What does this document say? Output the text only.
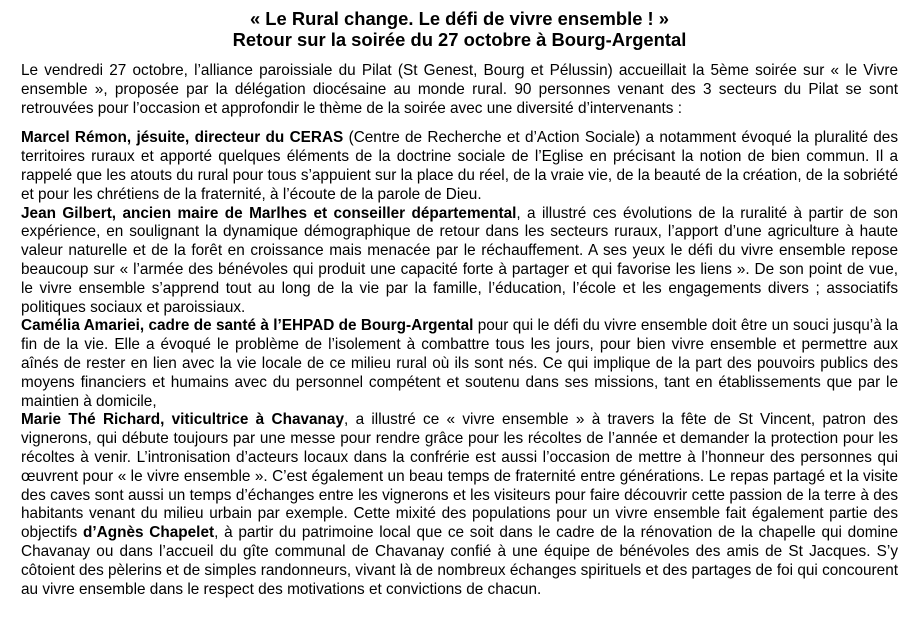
« Le Rural change. Le défi de vivre ensemble ! »
Retour sur la soirée du 27 octobre à Bourg-Argental

Le vendredi 27 octobre, l’alliance paroissiale du Pilat (St Genest, Bourg et Pélussin) accueillait la 5ème soirée sur « le Vivre ensemble », proposée par la délégation diocésaine au monde rural. 90 personnes venant des 3 secteurs du Pilat se sont retrouvées pour l’occasion et approfondir le thème de la soirée avec une diversité d’intervenants :

Marcel Rémon, jésuite, directeur du CERAS (Centre de Recherche et d’Action Sociale) a notamment évoqué la pluralité des territoires ruraux et apporté quelques éléments de la doctrine sociale de l’Eglise en précisant la notion de bien commun. Il a rappelé que les atouts du rural pour tous s’appuient sur la place du réel, de la vraie vie, de la beauté de la création, de la sobriété et pour les chrétiens de la fraternité, à l’écoute de la parole de Dieu.

Jean Gilbert, ancien maire de Marlhes et conseiller départemental, a illustré ces évolutions de la ruralité à partir de son expérience, en soulignant la dynamique démographique de retour dans les secteurs ruraux, l’apport d’une agriculture à haute valeur naturelle et de la forêt en croissance mais menacée par le réchauffement. A ses yeux le défi du vivre ensemble repose beaucoup sur « l’armée des bénévoles qui produit une capacité forte à partager et qui favorise les liens ». De son point de vue, le vivre ensemble s’apprend tout au long de la vie par la famille, l’éducation, l’école et les engagements divers ; associatifs politiques sociaux et paroissiaux.

Camélia Amariei, cadre de santé à l’EHPAD de Bourg-Argental pour qui le défi du vivre ensemble doit être un souci jusqu’à la fin de la vie. Elle a évoqué le problème de l’isolement à combattre tous les jours, pour bien vivre ensemble et permettre aux aînés de rester en lien avec la vie locale de ce milieu rural où ils sont nés. Ce qui implique de la part des pouvoirs publics des moyens financiers et humains avec du personnel compétent et soutenu dans ses missions, tant en établissements que par le maintien à domicile,

Marie Thé Richard, viticultrice à Chavanay, a illustré ce « vivre ensemble » à travers la fête de St Vincent, patron des vignerons, qui débute toujours par une messe pour rendre grâce pour les récoltes de l’année et demander la protection pour les récoltes à venir. L’intronisation d’acteurs locaux dans la confrérie est aussi l’occasion de mettre à l’honneur des personnes qui œuvrent pour « le vivre ensemble ». C’est également un beau temps de fraternité entre générations. Le repas partagé et la visite des caves sont aussi un temps d’échanges entre les vignerons et les visiteurs pour faire découvrir cette passion de la terre à des habitants venant du milieu urbain par exemple. Cette mixité des populations pour un vivre ensemble fait également partie des objectifs d’Agnès Chapelet, à partir du patrimoine local que ce soit dans le cadre de la rénovation de la chapelle qui domine Chavanay ou dans l’accueil du gîte communal de Chavanay confié à une équipe de bénévoles des amis de St Jacques. S’y côtoient des pèlerins et de simples randonneurs, vivant là de nombreux échanges spirituels et des partages de foi qui concourent au vivre ensemble dans le respect des motivations et convictions de chacun.
